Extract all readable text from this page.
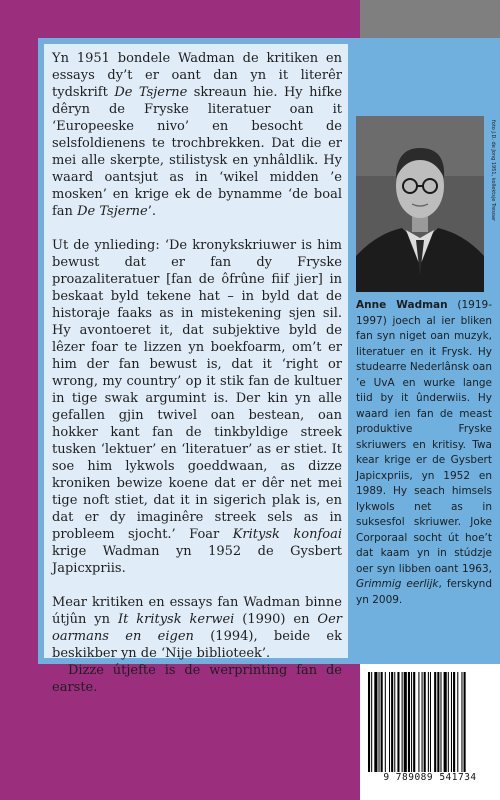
Yn 1951 bondele Wadman de kritiken en essays dy’t er oant dan yn it literêr tydskrift De Tsjerne skreaun hie. Hy hifke dêryn de Fryske literatuer oan it ‘Europeeske nivo’ en besocht de selsfoldienens te trochbrekken. Dat die er mei alle skerpte, stilistysk en ynhâldlik. Hy waard oantsjut as in ‘wikel midden ’e mosken’ en krige ek de bynamme ‘de boal fan De Tsjerne’.

Ut de ynlieding: ‘De kronykskriuwer is him bewust dat er fan dy Fryske proazaliteratuer [fan de ôfrûne fiif jier] in beskaat byld tekene hat – in byld dat de historaje faaks as in mistekening sjen sil. Hy avontoeret it, dat subjektive byld de lêzer foar te lizzen yn boekfoarm, om’t er him der fan bewust is, dat it ‘right or wrong, my country’ op it stik fan de kultuer in tige swak argumint is. Der kin yn alle gefallen gjin twivel oan bestean, oan hokker kant fan de tinkbyldige streek tusken ‘lektuer’ en ‘literatuer’ as er stiet. It soe him lykwols goeddwaan, as dizze kroniken bewize koene dat er dêr net mei tige noft stiet, dat it in sigerich plak is, en dat er dy imaginêre streek sels as in probleem sjocht.’ Foar Kritysk konfoai krige Wadman yn 1952 de Gysbert Japicxpriis.

Mear kritiken en essays fan Wadman binne útjûn yn It kritysk kerwei (1990) en Oer oarmans en eigen (1994), beide ek beskikber yn de ‘Nije biblioteek’.

Dizze útjefte is de werprinting fan de earste.

foto J.D. de Jong 1951, kollektsje Tresoar
Anne Wadman (1919-1997) joech al ier bliken fan syn niget oan muzyk, literatuer en it Frysk. Hy studearre Nederlânsk oan ’e UvA en wurke lange tiid by it ûnderwiis. Hy waard ien fan de meast produktive Fryske skriuwers en kritisy. Twa kear krige er de Gysbert Japicxpriis, yn 1952 en 1989. Hy seach himsels lykwols net as in suksesfol skriuwer. Joke Corporaal socht út hoe’t dat kaam yn in stúdzje oer syn libben oant 1963, Grimmig eerlijk, ferskynd yn 2009.
9 789089 541734
